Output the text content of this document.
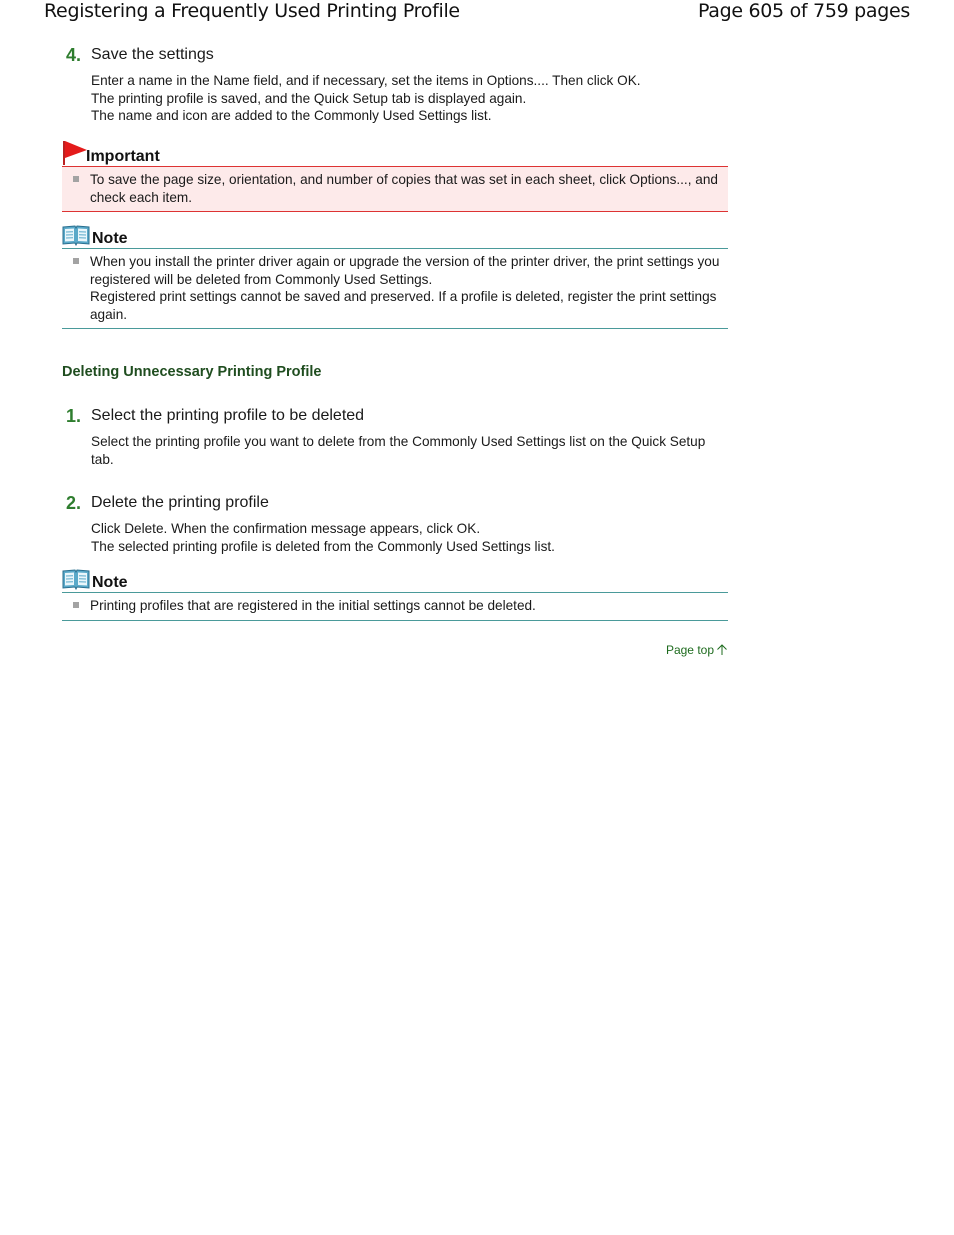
Registering a Frequently Used Printing Profile	Page 605 of 759 pages
4. Save the settings
Enter a name in the Name field, and if necessary, set the items in Options.... Then click OK.
The printing profile is saved, and the Quick Setup tab is displayed again.
The name and icon are added to the Commonly Used Settings list.
Important
To save the page size, orientation, and number of copies that was set in each sheet, click Options..., and check each item.
Note
When you install the printer driver again or upgrade the version of the printer driver, the print settings you registered will be deleted from Commonly Used Settings.
Registered print settings cannot be saved and preserved. If a profile is deleted, register the print settings again.
Deleting Unnecessary Printing Profile
1. Select the printing profile to be deleted
Select the printing profile you want to delete from the Commonly Used Settings list on the Quick Setup tab.
2. Delete the printing profile
Click Delete. When the confirmation message appears, click OK.
The selected printing profile is deleted from the Commonly Used Settings list.
Note
Printing profiles that are registered in the initial settings cannot be deleted.
Page top
